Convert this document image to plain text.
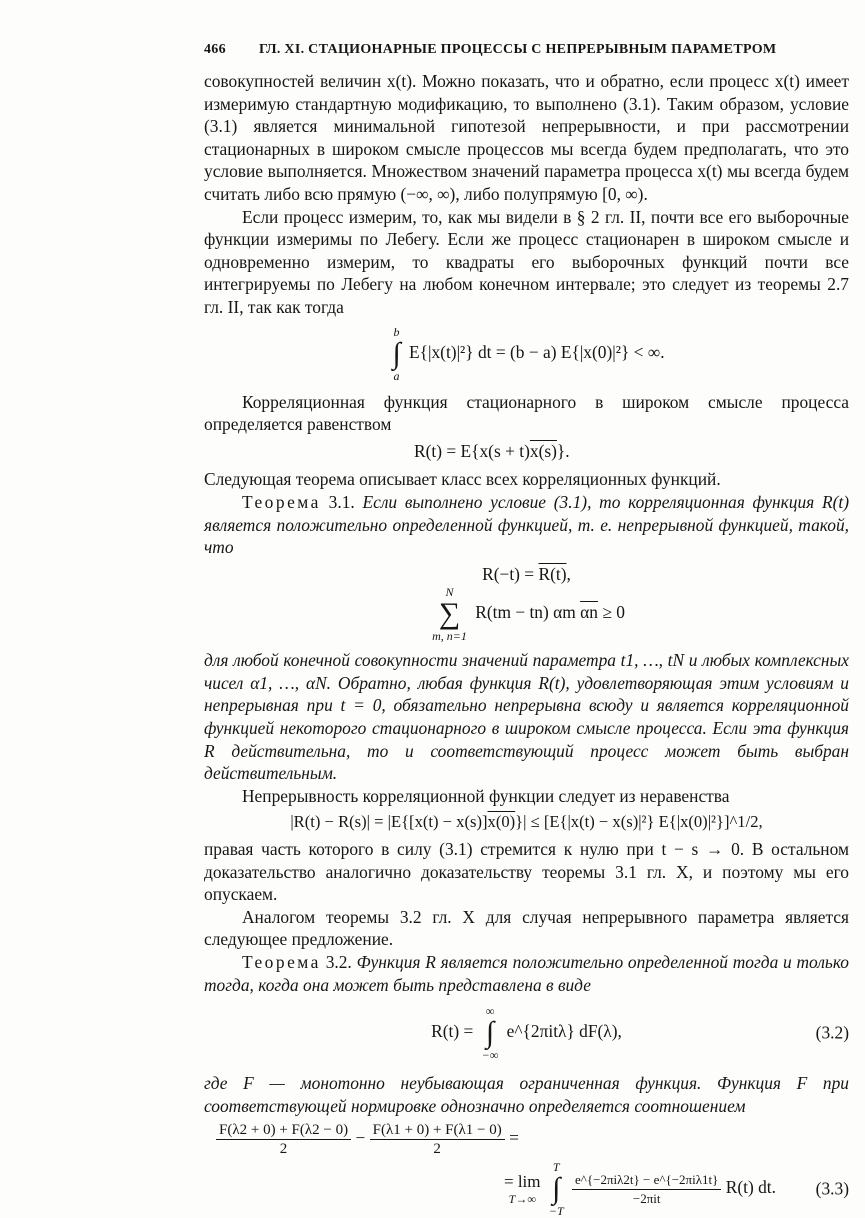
466 ГЛ. XI. СТАЦИОНАРНЫЕ ПРОЦЕССЫ С НЕПРЕРЫВНЫМ ПАРАМЕТРОМ

совокупностей величин x(t). Можно показать, что и обратно, если процесс x(t) имеет измеримую стандартную модификацию, то выполнено (3.1). Таким образом, условие (3.1) является минимальной гипотезой непрерывности, и при рассмотрении стационарных в широком смысле процессов мы всегда будем предполагать, что это условие выполняется. Множеством значений параметра процесса x(t) мы всегда будем считать либо всю прямую (−∞, ∞), либо полупрямую [0, ∞).

Если процесс измерим, то, как мы видели в § 2 гл. II, почти все его выборочные функции измеримы по Лебегу. Если же процесс стационарен в широком смысле и одновременно измерим, то квадраты его выборочных функций почти все интегрируемы по Лебегу на любом конечном интервале; это следует из теоремы 2.7 гл. II, так как тогда

b
∫
a
E{|x(t)|²} dt = (b − a) E{|x(0)|²} < ∞.

Корреляционная функция стационарного в широком смысле процесса определяется равенством

R(t) = E{x(s + t)x(s)}.

Следующая теорема описывает класс всех корреляционных функций.

Теорема 3.1. Если выполнено условие (3.1), то корреляционная функция R(t) является положительно определенной функцией, т. е. непрерывной функцией, такой, что

R(−t) = R(t),
N
∑
m, n=1
R(tm − tn) αm $\overline{\alpha n} \ge 0$

для любой конечной совокупности значений параметра t1, …, tN и любых комплексных чисел α1, …, αN. Обратно, любая функция R(t), удовлетворяющая этим условиям и непрерывная при t = 0, обязательно непрерывна всюду и является корреляционной функцией некоторого стационарного в широком смысле процесса. Если эта функция R действительна, то и соответствующий процесс может быть выбран действительным.

Непрерывность корреляционной функции следует из неравенства

|R(t) − R(s)| = |E{[x(t) − x(s)]x(0)}| ≤ [E{|x(t) − x(s)|²} E{|x(0)|²}]^1/2,

правая часть которого в силу (3.1) стремится к нулю при t − s → 0. В остальном доказательство аналогично доказательству теоремы 3.1 гл. X, и поэтому мы его опускаем.

Аналогом теоремы 3.2 гл. X для случая непрерывного параметра является следующее предложение.

Теорема 3.2. Функция R является положительно определенной тогда и только тогда, когда она может быть представлена в виде

R(t) =
∞
∫
−∞
e^{2πitλ} dF(λ),	(3.2)

где F — монотонно неубывающая ограниченная функция. Функция F при соответствующей нормировке однозначно определяется соотношением

$\frac{F(\lambda 2 + 0) + F(\lambda 2 - 0)}{2} - \frac{F(\lambda 1 + 0) + F(\lambda 1 - 0)}{2}$ =
= lim
T→∞

T
∫
−T

$\frac{\text{e\textasciicircum{}\{−2πiλ2t\} − e\textasciicircum{}\{−2πiλ1t\}}}{\text{−2πit}} R(t)$ dt. (3.3)
